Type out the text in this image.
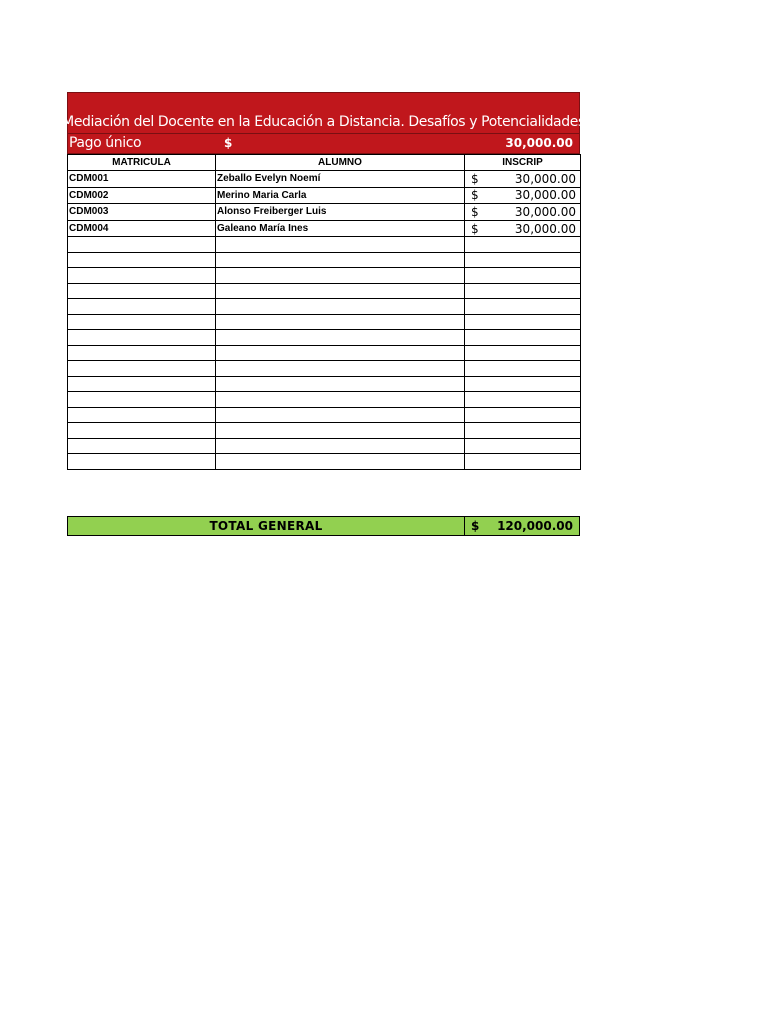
Mediación del Docente en la Educación a Distancia. Desafíos y Potencialidades
Pago único	$	30,000.00
MATRICULA	ALUMNO	INSCRIP
CDM001	Zeballo Evelyn Noemí	$ 30,000.00

CDM002	Merino Maria Carla	$ 30,000.00

CDM003	Alonso Freiberger Luis	$ 30,000.00

CDM004	Galeano María Ines	$ 30,000.00

TOTAL GENERAL	$ 120,000.00
